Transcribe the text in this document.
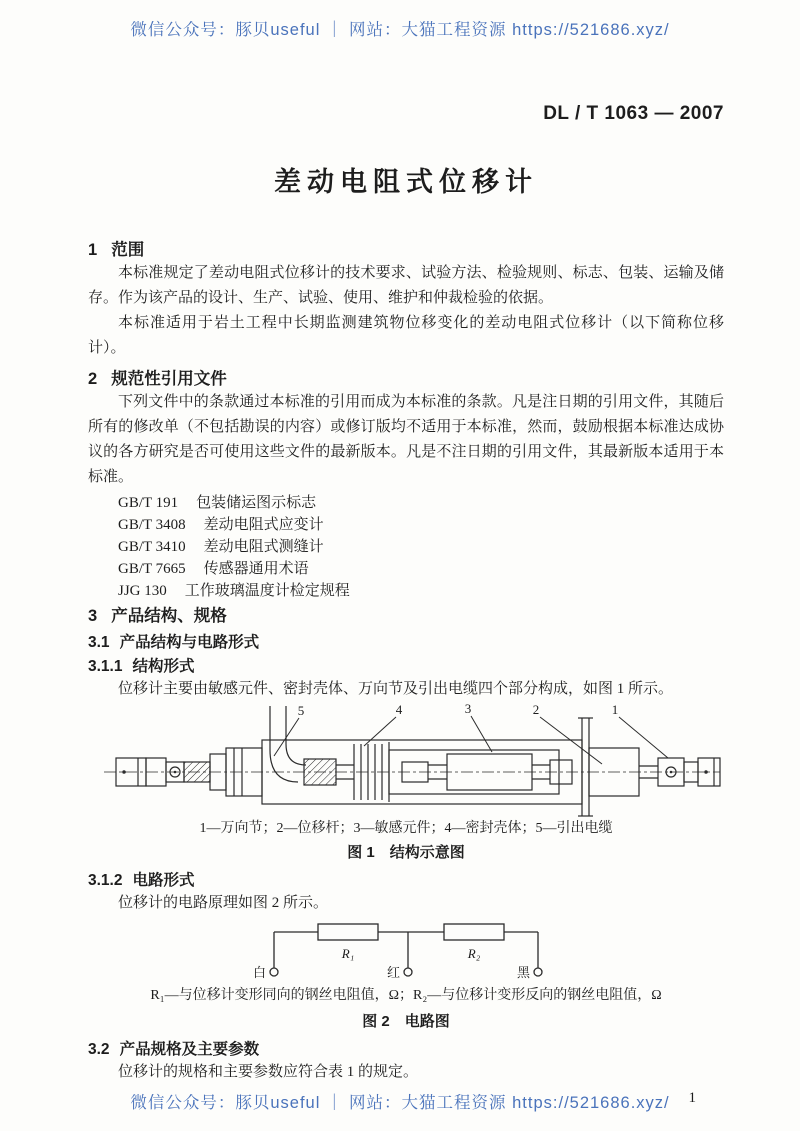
微信公众号：豚贝useful ｜ 网站：大猫工程资源 https://521686.xyz/
DL / T 1063 — 2007
差动电阻式位移计
1 范围

本标准规定了差动电阻式位移计的技术要求、试验方法、检验规则、标志、包装、运输及储存。作为该产品的设计、生产、试验、使用、维护和仲裁检验的依据。

本标准适用于岩土工程中长期监测建筑物位移变化的差动电阻式位移计（以下简称位移计）。

2 规范性引用文件

下列文件中的条款通过本标准的引用而成为本标准的条款。凡是注日期的引用文件，其随后所有的修改单（不包括勘误的内容）或修订版均不适用于本标准，然而，鼓励根据本标准达成协议的各方研究是否可使用这些文件的最新版本。凡是不注日期的引用文件，其最新版本适用于本标准。

GB/T 191 包装储运图示标志
GB/T 3408 差动电阻式应变计
GB/T 3410 差动电阻式测缝计
GB/T 7665 传感器通用术语
JJG 130 工作玻璃温度计检定规程
3 产品结构、规格
3.1 产品结构与电路形式
3.1.1 结构形式

位移计主要由敏感元件、密封壳体、万向节及引出电缆四个部分构成，如图 1 所示。

5	4	3	2	1
1—万向节；2—位移杆；3—敏感元件；4—密封壳体；5—引出电缆
图 1　结构示意图
3.1.2 电路形式

位移计的电路原理如图 2 所示。

R₁	R₂
白	红	黑
R₁—与位移计变形同向的钢丝电阻值，Ω；R₂—与位移计变形反向的钢丝电阻值，Ω
图 2　电路图
3.2 产品规格及主要参数

位移计的规格和主要参数应符合表 1 的规定。

1
微信公众号：豚贝useful ｜ 网站：大猫工程资源 https://521686.xyz/
